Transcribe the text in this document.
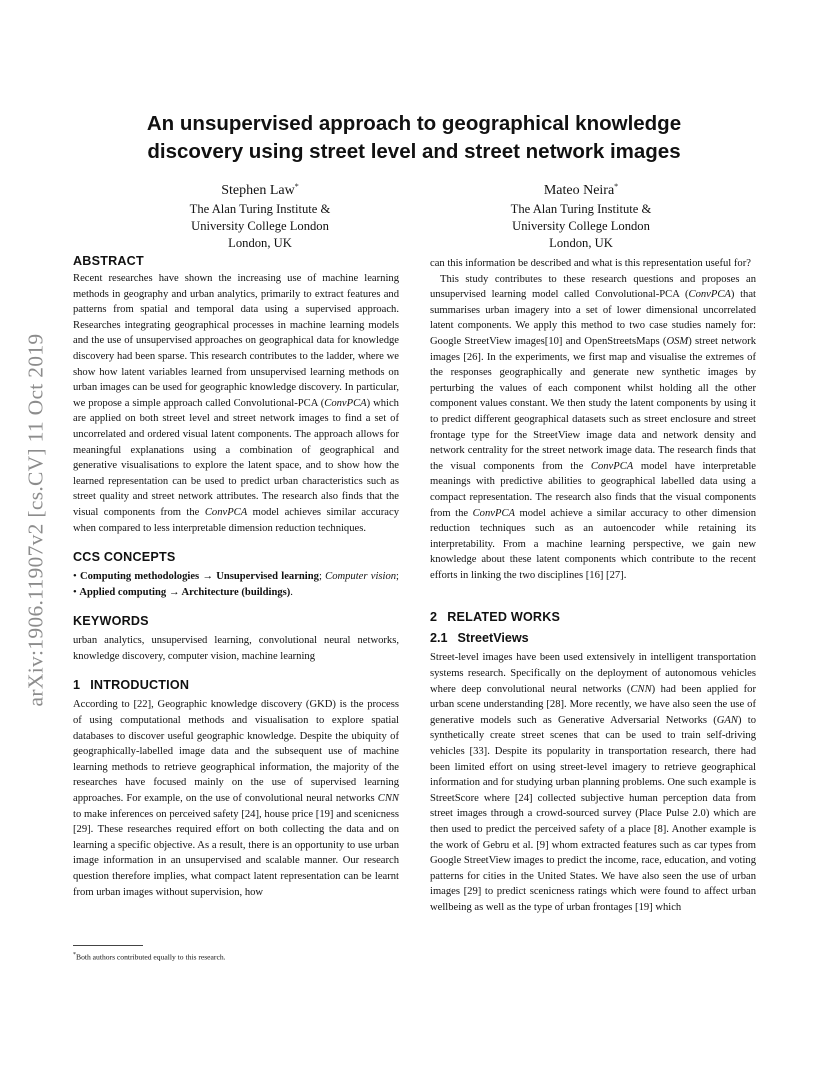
arXiv:1906.11907v2 [cs.CV] 11 Oct 2019
An unsupervised approach to geographical knowledge
discovery using street level and street network images
Stephen Law*
The Alan Turing Institute &
University College London
London, UK
Mateo Neira*
The Alan Turing Institute &
University College London
London, UK
ABSTRACT

Recent researches have shown the increasing use of machine learning methods in geography and urban analytics, primarily to extract features and patterns from spatial and temporal data using a supervised approach. Researches integrating geographical processes in machine learning models and the use of unsupervised approaches on geographical data for knowledge discovery had been sparse. This research contributes to the ladder, where we show how latent variables learned from unsupervised learning methods on urban images can be used for geographic knowledge discovery. In particular, we propose a simple approach called Convolutional-PCA (ConvPCA) which are applied on both street level and street network images to find a set of uncorrelated and ordered visual latent components. The approach allows for meaningful explanations using a combination of geographical and generative visualisations to explore the latent space, and to show how the learned representation can be used to predict urban characteristics such as street quality and street network attributes. The research also finds that the visual components from the ConvPCA model achieves similar accuracy when compared to less interpretable dimension reduction techniques.

CCS CONCEPTS

• Computing methodologies → Unsupervised learning; Computer vision; • Applied computing → Architecture (buildings).

KEYWORDS

urban analytics, unsupervised learning, convolutional neural networks, knowledge discovery, computer vision, machine learning

1 INTRODUCTION

According to [22], Geographic knowledge discovery (GKD) is the process of using computational methods and visualisation to explore spatial databases to discover useful geographic knowledge. Despite the ubiquity of geographically-labelled image data and the subsequent use of machine learning methods to retrieve geographical information, the majority of the researches have focused mainly on the use of supervised learning approaches. For example, on the use of convolutional neural networks CNN to make inferences on perceived safety [24], house price [19] and scenicness [29]. These researches required effort on both collecting the data and on learning a specific objective. As a result, there is an opportunity to use urban image information in an unsupervised and scalable manner. Our research question therefore implies, what compact latent representation can be learnt from urban images without supervision, how

can this information be described and what is this representation useful for?

This study contributes to these research questions and proposes an unsupervised learning model called Convolutional-PCA (ConvPCA) that summarises urban imagery into a set of lower dimensional uncorrelated latent components. We apply this method to two case studies namely for: Google StreetView images[10] and OpenStreetsMaps (OSM) street network images [26]. In the experiments, we first map and visualise the extremes of the responses geographically and generate new synthetic images by perturbing the values of each component whilst holding all the other component values constant. We then study the latent components by using it to predict different geographical datasets such as street enclosure and street frontage type for the StreetView image data and network density and network centrality for the street network image data. The research finds that the visual components from the ConvPCA model have interpretable meanings with predictive abilities to geographical labelled data using a compact representation. The research also finds that the visual components from the ConvPCA model achieve a similar accuracy to other dimension reduction techniques such as an autoencoder while retaining its interpretability. From a machine learning perspective, we gain new knowledge about these latent components which contribute to the recent efforts in linking the two disciplines [16] [27].

2 RELATED WORKS
2.1 StreetViews

Street-level images have been used extensively in intelligent transportation systems research. Specifically on the deployment of autonomous vehicles where deep convolutional neural networks (CNN) had been applied for urban scene understanding [28]. More recently, we have also seen the use of generative models such as Generative Adversarial Networks (GAN) to synthetically create street scenes that can be used to train self-driving vehicles [33]. Despite its popularity in transportation research, there had been limited effort on using street-level imagery to retrieve geographical information and for studying urban planning problems. One such example is StreetScore where [24] collected subjective human perception data from street images through a crowd-sourced survey (Place Pulse 2.0) which are then used to predict the perceived safety of a place [8]. Another example is the work of Gebru et al. [9] whom extracted features such as car types from Google StreetView images to predict the income, race, education, and voting patterns for cities in the United States. We have also seen the use of urban images [29] to predict scenicness ratings which were found to affect urban wellbeing as well as the type of urban frontages [19] which

*Both authors contributed equally to this research.
